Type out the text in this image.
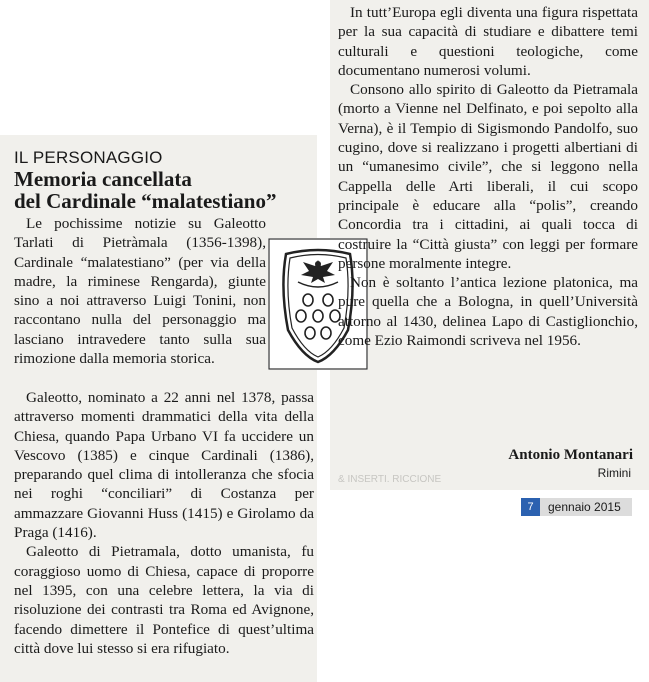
IL PERSONAGGIO
Memoria cancellata
del Cardinale “malatestiano”

Le pochissime notizie su Galeotto Tarlati di Pietràmala (1356-1398), Cardinale “malatestiano” (per via della madre, la riminese Rengarda), giunte sino a noi attraverso Luigi Tonini, non raccontano nulla del personaggio ma lasciano intravedere tanto sulla sua rimozione dalla memoria storica.

Galeotto, nominato a 22 anni nel 1378, passa attraverso momenti drammatici della vita della Chiesa, quando Papa Urbano VI fa uccidere un Vescovo (1385) e cinque Cardinali (1386), preparando quel clima di intolleranza che sfocia nei roghi “conciliari” di Costanza per ammazzare Giovanni Huss (1415) e Girolamo da Praga (1416).

Galeotto di Pietramala, dotto umanista, fu coraggioso uomo di Chiesa, capace di proporre nel 1395, con una celebre lettera, la via di risoluzione dei contrasti tra Roma ed Avignone, facendo dimettere il Pontefice di quest’ultima città dove lui stesso si era rifugiato.

In tutt’Europa egli diventa una figura rispettata per la sua capacità di studiare e dibattere temi culturali e questioni teologiche, come documentano numerosi volumi.

Consono allo spirito di Galeotto da Pietramala (morto a Vienne nel Delfinato, e poi sepolto alla Verna), è il Tempio di Sigismondo Pandolfo, suo cugino, dove si realizzano i progetti albertiani di un “umanesimo civile”, che si leggono nella Cappella delle Arti liberali, il cui scopo principale è educare alla “polis”, creando Concordia tra i cittadini, ai quali tocca di costruire la “Città giusta” con leggi per formare persone moralmente integre.

Non è soltanto l’antica lezione platonica, ma pure quella che a Bologna, in quell’Università attorno al 1430, delinea Lapo di Castiglionchio, come Ezio Raimondi scriveva nel 1956.

Antonio Montanari
Rimini
& INSERTI. RICCIONE
7	gennaio 2015
